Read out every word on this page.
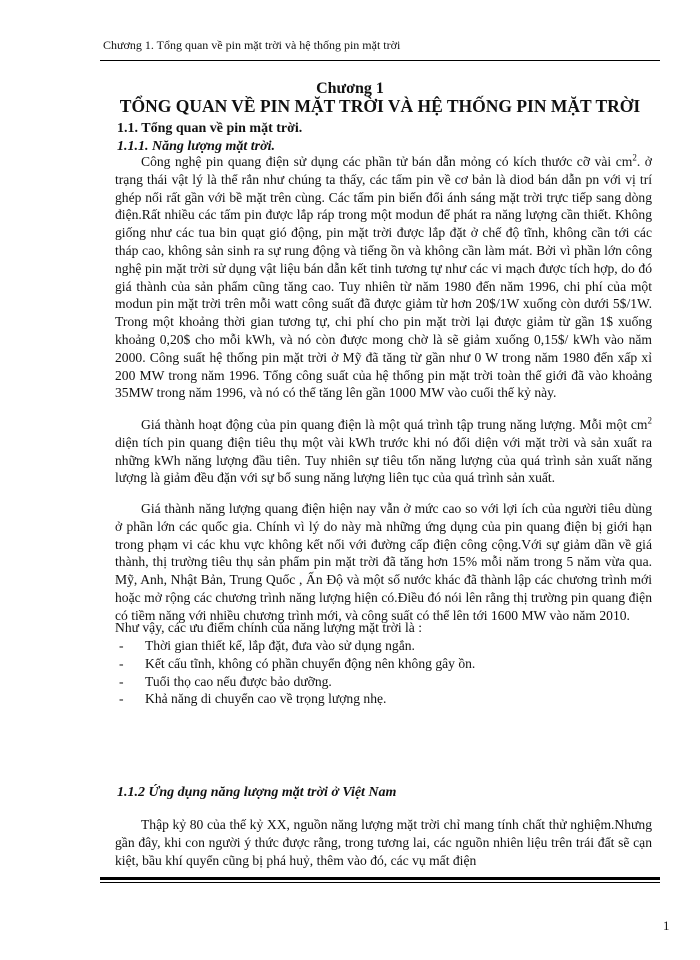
Chương 1. Tổng quan về pin mặt trời và hệ thống pin mặt trời
Chương 1
TỔNG QUAN VỀ PIN MẶT TRỜI VÀ HỆ THỐNG PIN MẶT TRỜI
1.1. Tổng quan về pin mặt trời.
1.1.1. Năng lượng mặt trời.

Công nghệ pin quang điện sử dụng các phần tử bán dẫn mỏng có kích thước cỡ vài $cm^2$. ở trạng thái vật lý là thể rắn như chúng ta thấy, các tấm pin về cơ bản là diod bán dẫn pn với vị trí ghép nối rất gần với bề mặt trên cùng. Các tấm pin biến đổi ánh sáng mặt trời trực tiếp sang dòng điện.Rất nhiều các tấm pin được lắp ráp trong một modun để phát ra năng lượng cần thiết. Không giống như các tua bin quạt gió động, pin mặt trời được lắp đặt ở chế độ tĩnh, không cần tới các tháp cao, không sản sinh ra sự rung động và tiếng ồn và không cần làm mát. Bởi vì phần lớn công nghệ pin mặt trời sử dụng vật liệu bán dẫn kết tinh tương tự như các vi mạch được tích hợp, do đó giá thành của sản phẩm cũng tăng cao. Tuy nhiên từ năm 1980 đến năm 1996, chi phí của một modun pin mặt trời trên mỗi watt công suất đã được giảm từ hơn 20$/1W xuống còn dưới 5$/1W. Trong một khoảng thời gian tương tự, chi phí cho pin mặt trời lại được giảm từ gần 1$ xuống khoảng 0,20$ cho mỗi kWh, và nó còn được mong chờ là sẽ giảm xuống 0,15$/ kWh vào năm 2000. Công suất hệ thống pin mặt trời ở Mỹ đã tăng từ gần như 0 W trong năm 1980 đến xấp xỉ 200 MW trong năm 1996. Tổng công suất của hệ thống pin mặt trời toàn thế giới đã vào khoảng 35MW trong năm 1996, và nó có thể tăng lên gần 1000 MW vào cuối thế kỷ này.

Giá thành hoạt động của pin quang điện là một quá trình tập trung năng lượng. Mỗi một $cm^2$ diện tích pin quang điện tiêu thụ một vài kWh trước khi nó đối diện với mặt trời và sản xuất ra những kWh năng lượng đầu tiên. Tuy nhiên sự tiêu tốn năng lượng của quá trình sản xuất năng lượng là giảm đều đặn với sự bổ sung năng lượng liên tục của quá trình sản xuất.

Giá thành năng lượng quang điện hiện nay vẫn ở mức cao so với lợi ích của người tiêu dùng ở phần lớn các quốc gia. Chính vì lý do này mà những ứng dụng của pin quang điện bị giới hạn trong phạm vi các khu vực không kết nối với đường cấp điện công cộng.Với sự giảm dần về giá thành, thị trường tiêu thụ sản phẩm pin mặt trời đã tăng hơn 15% mỗi năm trong 5 năm vừa qua. Mỹ, Anh, Nhật Bản, Trung Quốc , Ấn Độ và một số nước khác đã thành lập các chương trình mới hoặc mở rộng các chương trình năng lượng hiện có.Điều đó nói lên rằng thị trường pin quang điện có tiềm năng với nhiều chương trình mới, và công suất có thể lên tới 1600 MW vào năm 2010.

Như vậy, các ưu điểm chính của năng lượng mặt trời là :

- Thời gian thiết kế, lắp đặt, đưa vào sử dụng ngắn.
- Kết cấu tĩnh, không có phần chuyển động nên không gây ồn.
- Tuổi thọ cao nếu được bảo dưỡng.
- Khả năng di chuyển cao về trọng lượng nhẹ.
1.1.2 Ứng dụng năng lượng mặt trời ở Việt Nam

Thập kỷ 80 của thế kỷ XX, nguồn năng lượng mặt trời chỉ mang tính chất thử nghiệm.Nhưng gần đây, khi con người ý thức được rằng, trong tương lai, các nguồn nhiên liệu trên trái đất sẽ cạn kiệt, bầu khí quyển cũng bị phá huỷ, thêm vào đó, các vụ mất điện

1
